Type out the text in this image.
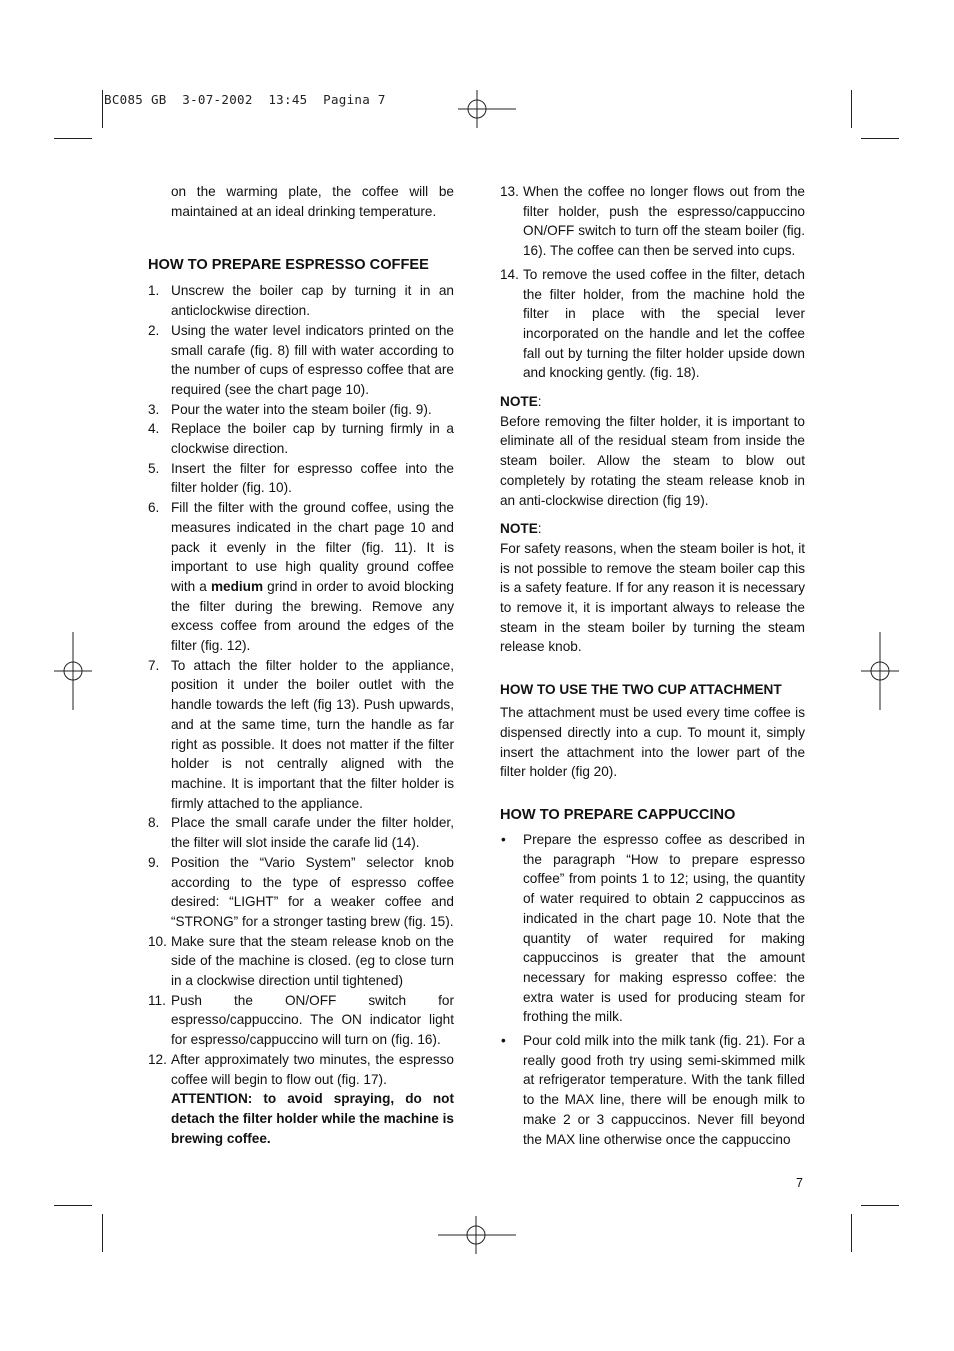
BC085 GB  3-07-2002  13:45  Pagina 7

on the warming plate, the coffee will be maintained at an ideal drinking temperature.

HOW TO PREPARE ESPRESSO COFFEE
1. Unscrew the boiler cap by turning it in an anticlockwise direction.
2. Using the water level indicators printed on the small carafe (fig. 8) fill with water according to the number of cups of espresso coffee that are required (see the chart page 10).
3. Pour the water into the steam boiler (fig. 9).
4. Replace the boiler cap by turning firmly in a clockwise direction.
5. Insert the filter for espresso coffee into the filter holder (fig. 10).
6. Fill the filter with the ground coffee, using the measures indicated in the chart page 10 and pack it evenly in the filter (fig. 11). It is important to use high quality ground coffee with a medium grind in order to avoid blocking the filter during the brewing. Remove any excess coffee from around the edges of the filter (fig. 12).
7. To attach the filter holder to the appliance, position it under the boiler outlet with the handle towards the left (fig 13). Push upwards, and at the same time, turn the handle as far right as possible. It does not matter if the filter holder is not centrally aligned with the machine. It is important that the filter holder is firmly attached to the appliance.
8. Place the small carafe under the filter holder, the filter will slot inside the carafe lid (14).
9. Position the “Vario System” selector knob according to the type of espresso coffee desired: “LIGHT” for a weaker coffee and “STRONG” for a stronger tasting brew (fig. 15).
10. Make sure that the steam release knob on the side of the machine is closed. (eg to close turn in a clockwise direction until tightened)
11. Push the ON/OFF switch for espresso/cappuccino. The ON indicator light for espresso/cappuccino will turn on (fig. 16).
12. After approximately two minutes, the espresso coffee will begin to flow out (fig. 17).

ATTENTION: to avoid spraying, do not detach the filter holder while the machine is brewing coffee.

13. When the coffee no longer flows out from the filter holder, push the espresso/cappuccino ON/OFF switch to turn off the steam boiler (fig. 16). The coffee can then be served into cups.
14. To remove the used coffee in the filter, detach the filter holder, from the machine hold the filter in place with the special lever incorporated on the handle and let the coffee fall out by turning the filter holder upside down and knocking gently. (fig. 18).

NOTE:

Before removing the filter holder, it is important to eliminate all of the residual steam from inside the steam boiler. Allow the steam to blow out completely by rotating the steam release knob in an anti-clockwise direction (fig 19).

NOTE:

For safety reasons, when the steam boiler is hot, it is not possible to remove the steam boiler cap this is a safety feature. If for any reason it is necessary to remove it, it is important always to release the steam in the steam boiler by turning the steam release knob.

HOW TO USE THE TWO CUP ATTACHMENT

The attachment must be used every time coffee is dispensed directly into a cup. To mount it, simply insert the attachment into the lower part of the filter holder (fig 20).

HOW TO PREPARE CAPPUCCINO
•	Prepare the espresso coffee as described in the paragraph “How to prepare espresso coffee” from points 1 to 12; using, the quantity of water required to obtain 2 cappuccinos as indicated in the chart page 10. Note that the quantity of water required for making cappuccinos is greater that the amount necessary for making espresso coffee: the extra water is used for producing steam for frothing the milk.
•	Pour cold milk into the milk tank (fig. 21). For a really good froth try using semi-skimmed milk at refrigerator temperature. With the tank filled to the MAX line, there will be enough milk to make 2 or 3 cappuccinos. Never fill beyond the MAX line otherwise once the cappuccino
7
